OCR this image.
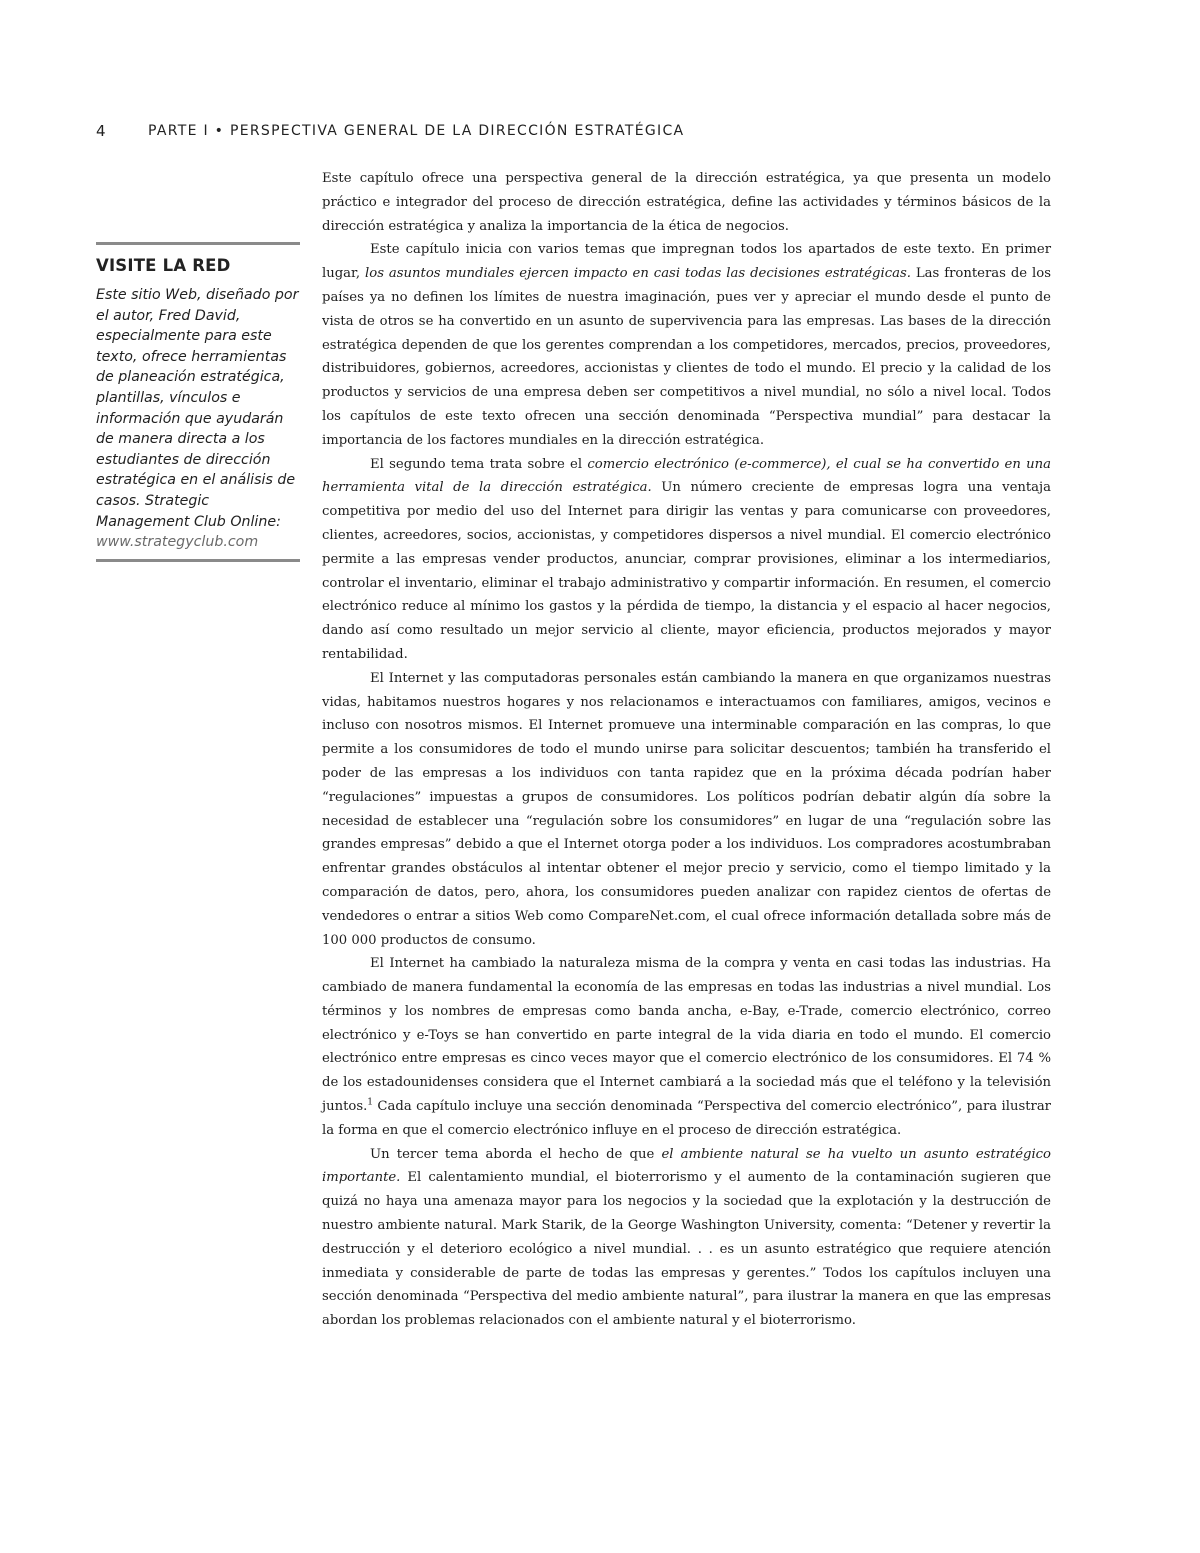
4	PARTE I • PERSPECTIVA GENERAL DE LA DIRECCIÓN ESTRATÉGICA
VISITE LA RED
Este sitio Web, diseñado por el autor, Fred David, especialmente para este texto, ofrece herramientas de planeación estratégica, plantillas, vínculos e información que ayudarán de manera directa a los estudiantes de dirección estratégica en el análisis de casos. Strategic Management Club Online: www.strategyclub.com

Este capítulo ofrece una perspectiva general de la dirección estratégica, ya que presenta un modelo práctico e integrador del proceso de dirección estratégica, define las actividades y términos básicos de la dirección estratégica y analiza la importancia de la ética de negocios.

Este capítulo inicia con varios temas que impregnan todos los apartados de este texto. En primer lugar, los asuntos mundiales ejercen impacto en casi todas las decisiones estratégicas. Las fronteras de los países ya no definen los límites de nuestra imaginación, pues ver y apreciar el mundo desde el punto de vista de otros se ha convertido en un asunto de supervivencia para las empresas. Las bases de la dirección estratégica dependen de que los gerentes comprendan a los competidores, mercados, precios, proveedores, distribuidores, gobiernos, acreedores, accionistas y clientes de todo el mundo. El precio y la calidad de los productos y servicios de una empresa deben ser competitivos a nivel mundial, no sólo a nivel local. Todos los capítulos de este texto ofrecen una sección denominada “Perspectiva mundial” para destacar la importancia de los factores mundiales en la dirección estratégica.

El segundo tema trata sobre el comercio electrónico (e-commerce), el cual se ha convertido en una herramienta vital de la dirección estratégica. Un número creciente de empresas logra una ventaja competitiva por medio del uso del Internet para dirigir las ventas y para comunicarse con proveedores, clientes, acreedores, socios, accionistas, y competidores dispersos a nivel mundial. El comercio electrónico permite a las empresas vender productos, anunciar, comprar provisiones, eliminar a los intermediarios, controlar el inventario, eliminar el trabajo administrativo y compartir información. En resumen, el comercio electrónico reduce al mínimo los gastos y la pérdida de tiempo, la distancia y el espacio al hacer negocios, dando así como resultado un mejor servicio al cliente, mayor eficiencia, productos mejorados y mayor rentabilidad.

El Internet y las computadoras personales están cambiando la manera en que organizamos nuestras vidas, habitamos nuestros hogares y nos relacionamos e interactuamos con familiares, amigos, vecinos e incluso con nosotros mismos. El Internet promueve una interminable comparación en las compras, lo que permite a los consumidores de todo el mundo unirse para solicitar descuentos; también ha transferido el poder de las empresas a los individuos con tanta rapidez que en la próxima década podrían haber “regulaciones” impuestas a grupos de consumidores. Los políticos podrían debatir algún día sobre la necesidad de establecer una “regulación sobre los consumidores” en lugar de una “regulación sobre las grandes empresas” debido a que el Internet otorga poder a los individuos. Los compradores acostumbraban enfrentar grandes obstáculos al intentar obtener el mejor precio y servicio, como el tiempo limitado y la comparación de datos, pero, ahora, los consumidores pueden analizar con rapidez cientos de ofertas de vendedores o entrar a sitios Web como CompareNet.com, el cual ofrece información detallada sobre más de 100 000 productos de consumo.

El Internet ha cambiado la naturaleza misma de la compra y venta en casi todas las industrias. Ha cambiado de manera fundamental la economía de las empresas en todas las industrias a nivel mundial. Los términos y los nombres de empresas como banda ancha, e-Bay, e-Trade, comercio electrónico, correo electrónico y e-Toys se han convertido en parte integral de la vida diaria en todo el mundo. El comercio electrónico entre empresas es cinco veces mayor que el comercio electrónico de los consumidores. El 74 % de los estadounidenses considera que el Internet cambiará a la sociedad más que el teléfono y la televisión juntos.$^1$ Cada capítulo incluye una sección denominada “Perspectiva del comercio electrónico”, para ilustrar la forma en que el comercio electrónico influye en el proceso de dirección estratégica.

Un tercer tema aborda el hecho de que el ambiente natural se ha vuelto un asunto estratégico importante. El calentamiento mundial, el bioterrorismo y el aumento de la contaminación sugieren que quizá no haya una amenaza mayor para los negocios y la sociedad que la explotación y la destrucción de nuestro ambiente natural. Mark Starik, de la George Washington University, comenta: “Detener y revertir la destrucción y el deterioro ecológico a nivel mundial. . . es un asunto estratégico que requiere atención inmediata y considerable de parte de todas las empresas y gerentes.” Todos los capítulos incluyen una sección denominada “Perspectiva del medio ambiente natural”, para ilustrar la manera en que las empresas abordan los problemas relacionados con el ambiente natural y el bioterrorismo.
